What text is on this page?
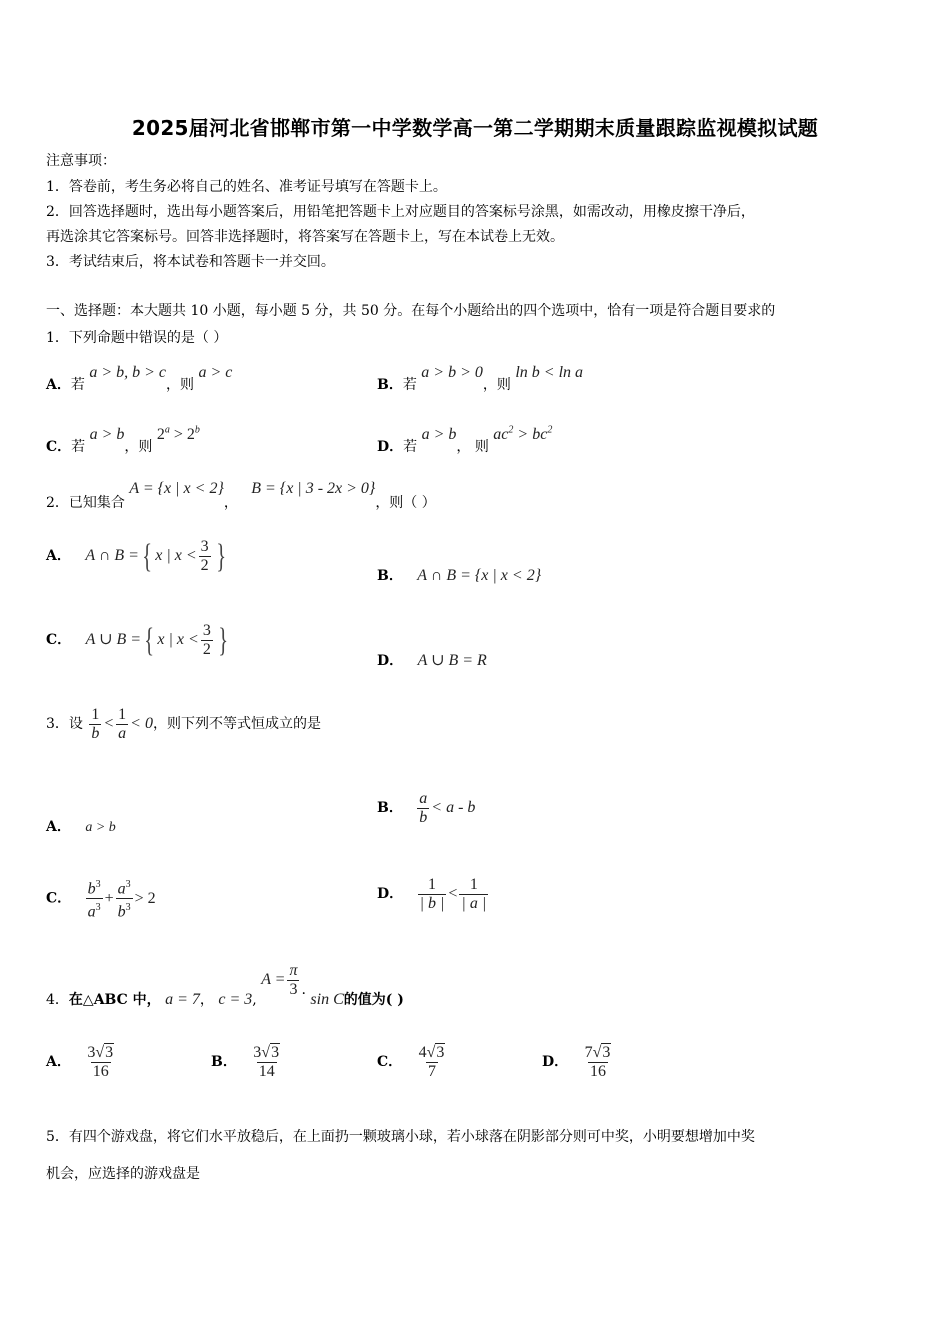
2025届河北省邯郸市第一中学数学高一第二学期期末质量跟踪监视模拟试题
注意事项：
1．答卷前，考生务必将自己的姓名、准考证号填写在答题卡上。
2．回答选择题时，选出每小题答案后，用铅笔把答题卡上对应题目的答案标号涂黑，如需改动，用橡皮擦干净后，
再选涂其它答案标号。回答非选择题时，将答案写在答题卡上，写在本试卷上无效。
3．考试结束后，将本试卷和答题卡一并交回。
一、选择题：本大题共 10 小题，每小题 5 分，共 50 分。在每个小题给出的四个选项中，恰有一项是符合题目要求的
1．下列命题中错误的是（ ）
A．若 a > b, b > c，则 a > c
B．若 a > b > 0，则 ln b < ln a
C．若 a > b，则 $2^a > 2^b$
D．若 a > b， 则 $ac^2 > bc^2$
2．已知集合 A = {x | x < 2}，   B = {x | 3 - 2x > 0}，则（ ）
A． A ∩ B ={ x | $x < \frac{3}{2}$ }
B． A ∩ B = {x | x < 2}
C． A ∪ B ={ x | $x < \frac{3}{2}$ }
D． A ∪ B = R
3．设 $\frac{1}{b} < \frac{1}{a} < 0$，则下列不等式恒成立的是
A． a > b
B． $\frac{a}{b} < a - b$
C． $\frac{b^3}{a^3} + \frac{a^3}{b^3} > 2$	D． $\frac{1}{| b |} < \frac{1}{| a |}$
4．在△ABC 中， a = 7， c = 3, $A = \frac{\pi}{3}$ . sin C的值为( )
A． $\frac{3√3}{16}$	B． $\frac{3√3}{14}$	C． $\frac{4√3}{7}$	D． $\frac{7√3}{16}$
5．有四个游戏盘，将它们水平放稳后，在上面扔一颗玻璃小球，若小球落在阴影部分则可中奖，小明要想增加中奖
机会，应选择的游戏盘是
